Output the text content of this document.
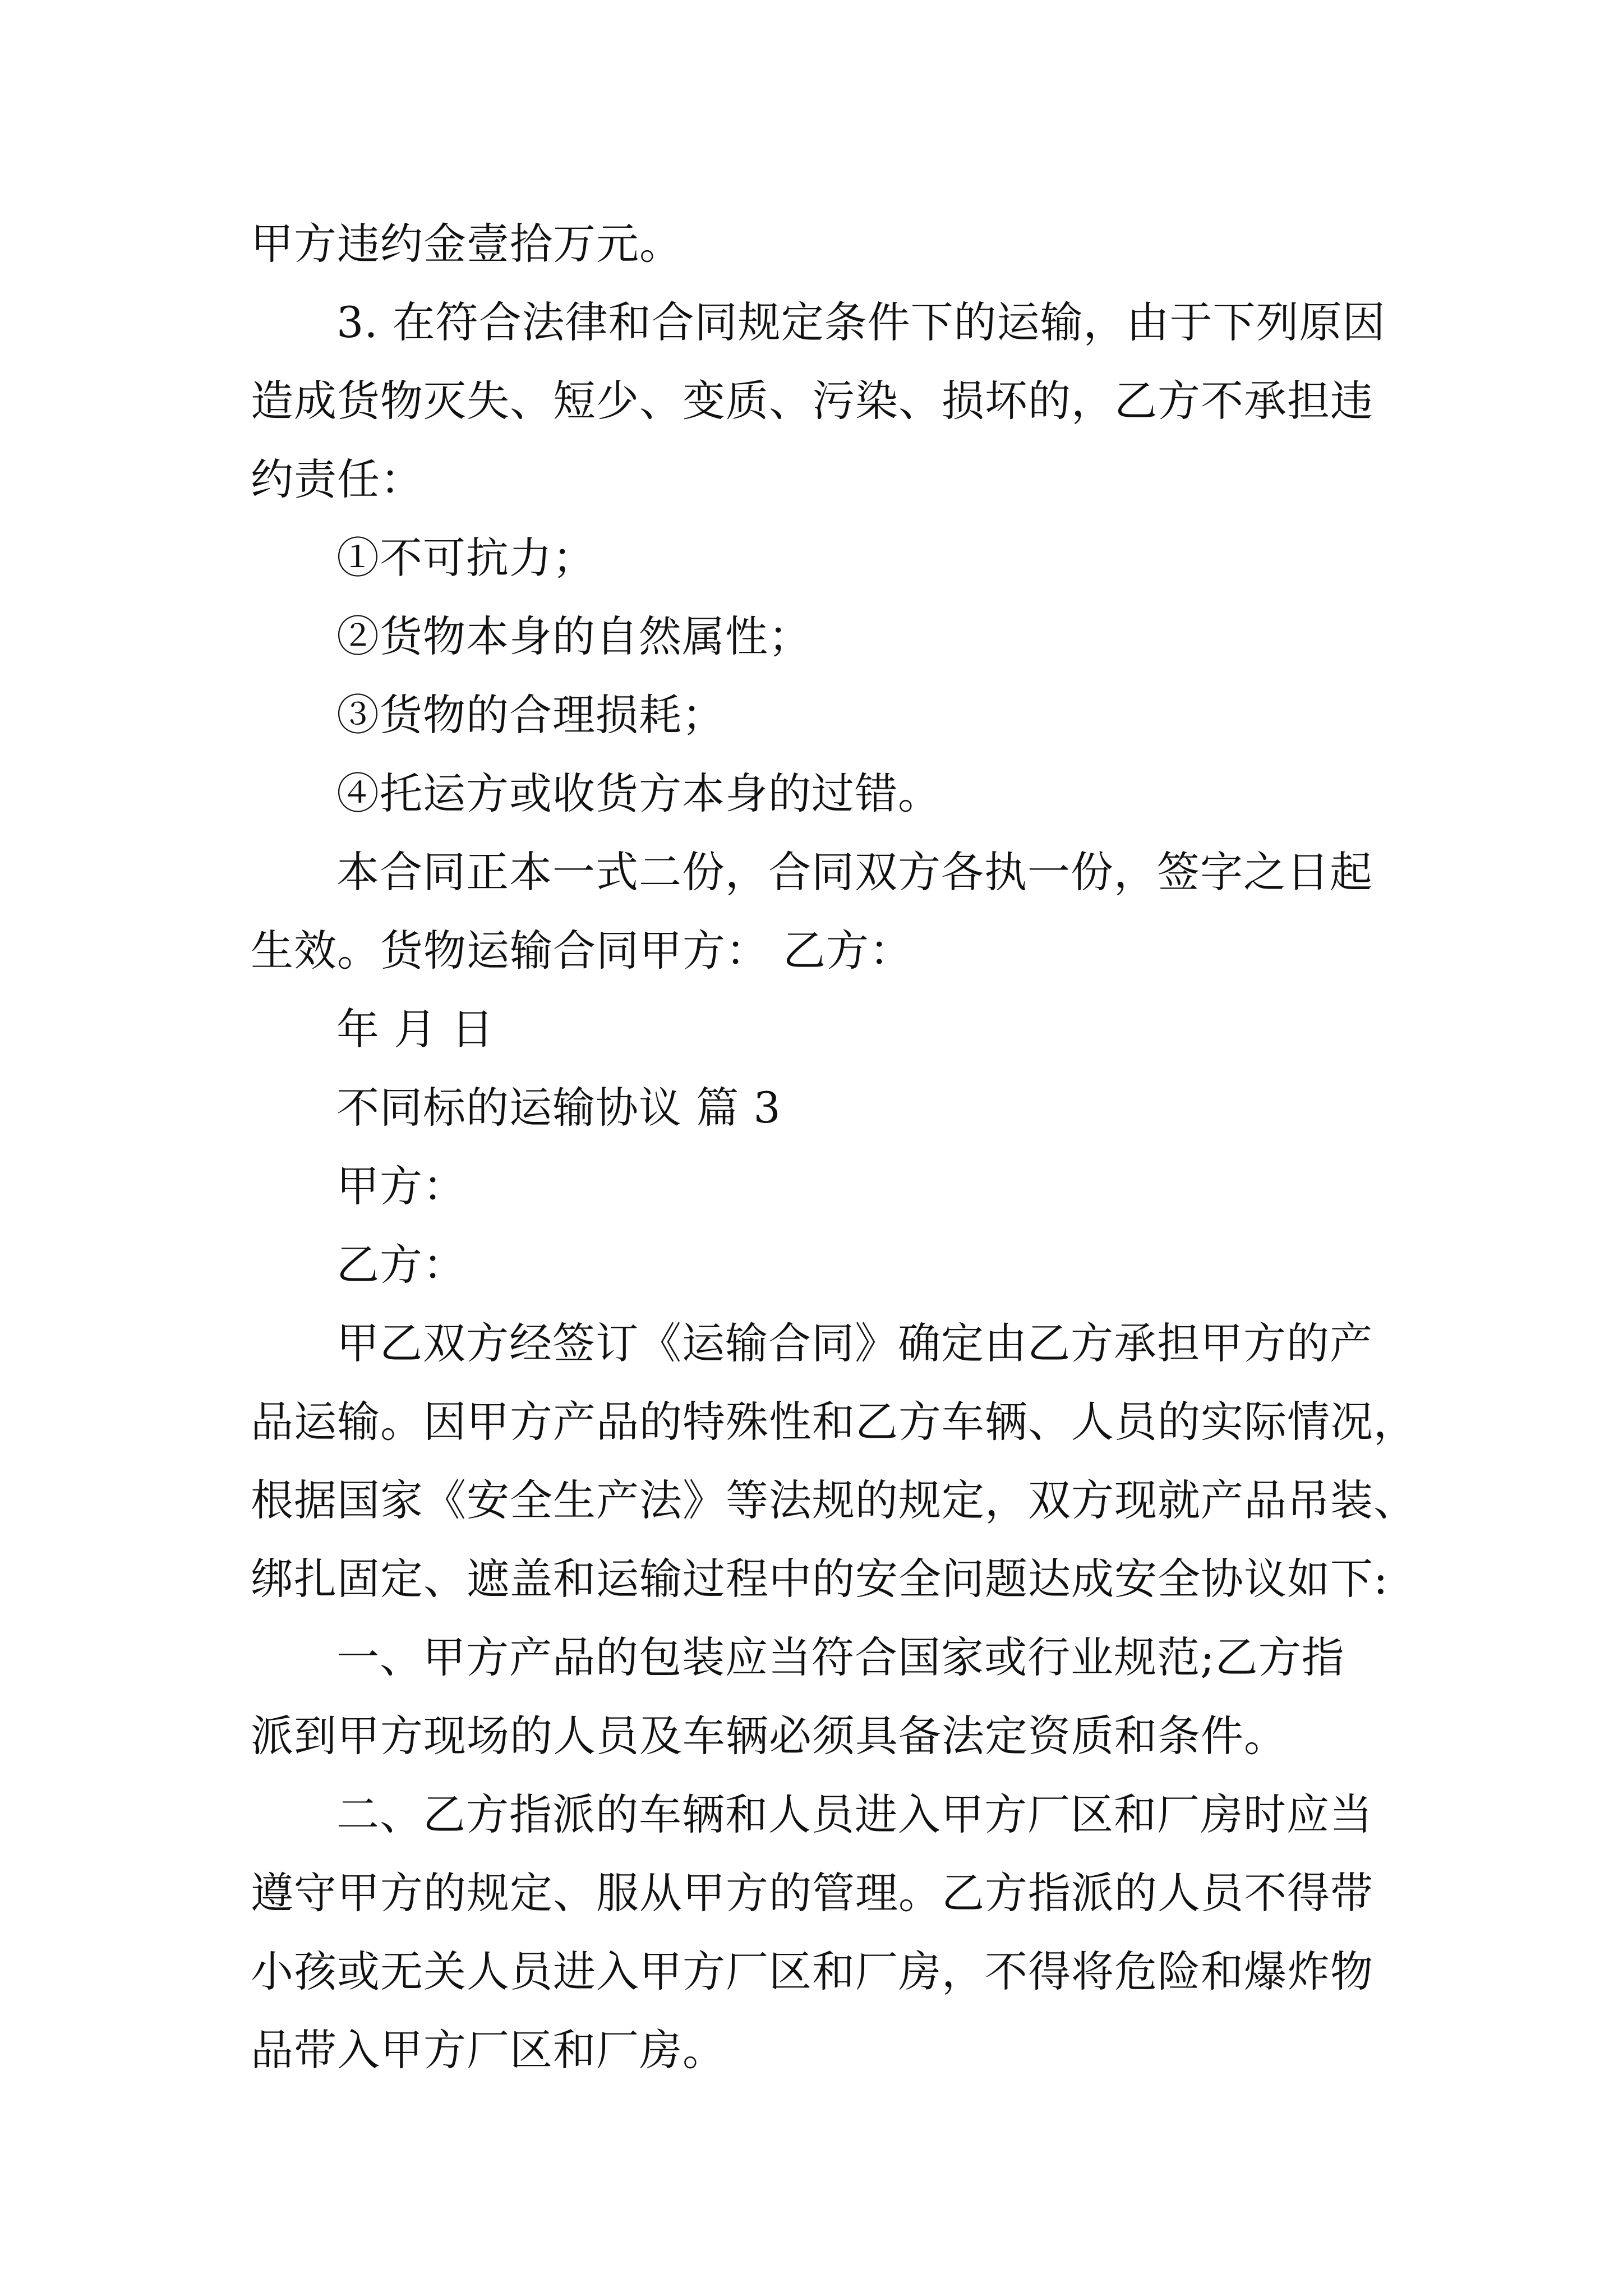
甲方违约金壹拾万元。
3. 在符合法律和合同规定条件下的运输，由于下列原因
造成货物灭失、短少、变质、污染、损坏的，乙方不承担违
约责任：
①不可抗力；
②货物本身的自然属性；
③货物的合理损耗；
④托运方或收货方本身的过错。
本合同正本一式二份，合同双方各执一份，签字之日起
生效。货物运输合同甲方： 乙方：
年 月 日
不同标的运输协议 篇 3
甲方：
乙方：
甲乙双方经签订《运输合同》确定由乙方承担甲方的产
品运输。因甲方产品的特殊性和乙方车辆、人员的实际情况，
根据国家《安全生产法》等法规的规定，双方现就产品吊装、
绑扎固定、遮盖和运输过程中的安全问题达成安全协议如下:
一、甲方产品的包装应当符合国家或行业规范;乙方指
派到甲方现场的人员及车辆必须具备法定资质和条件。
二、乙方指派的车辆和人员进入甲方厂区和厂房时应当
遵守甲方的规定、服从甲方的管理。乙方指派的人员不得带
小孩或无关人员进入甲方厂区和厂房，不得将危险和爆炸物
品带入甲方厂区和厂房。
